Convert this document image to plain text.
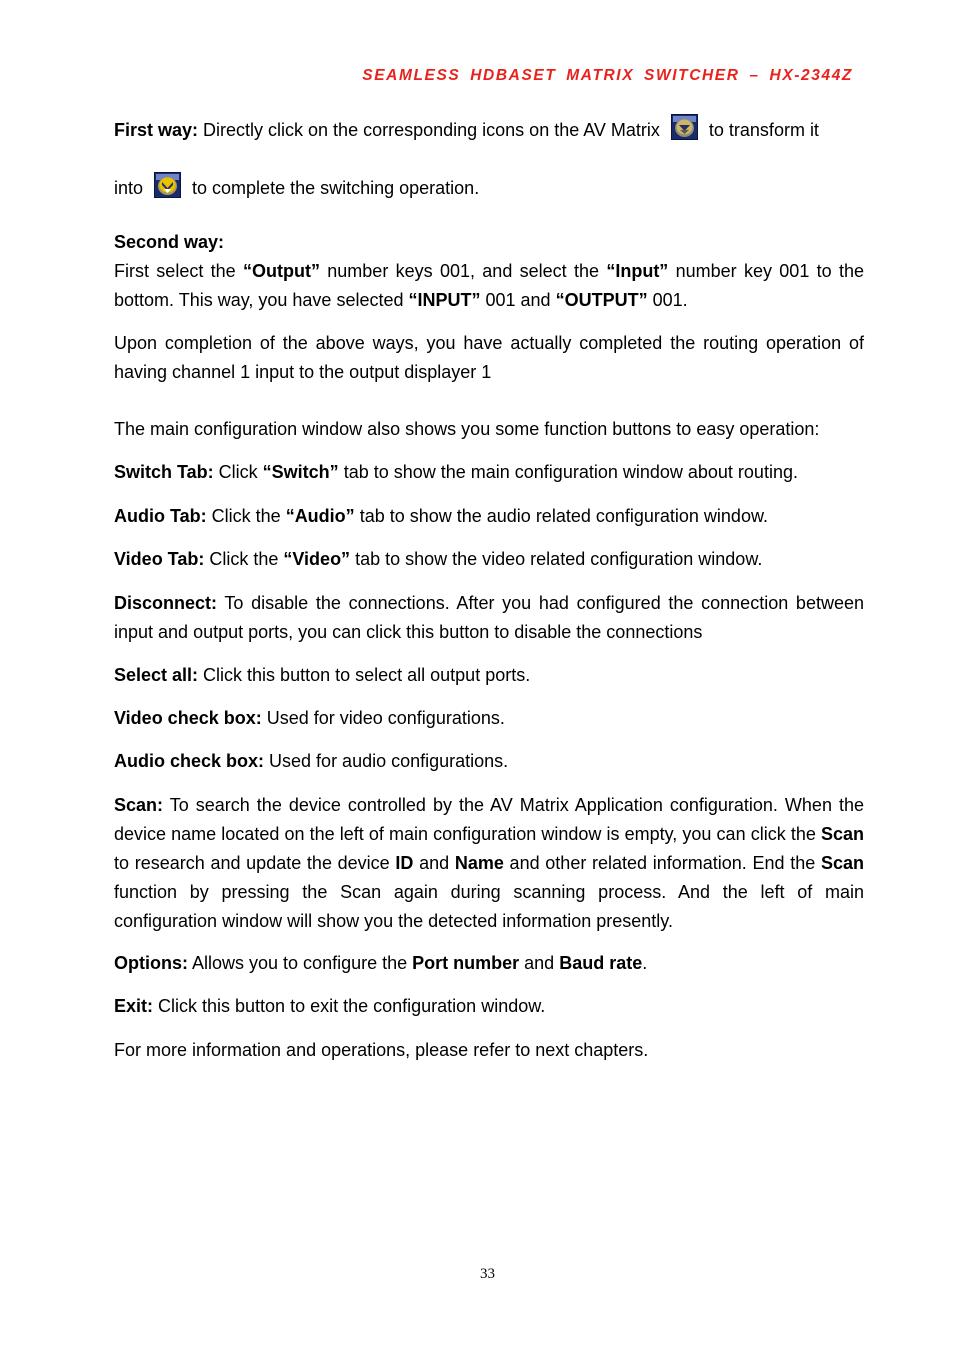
SEAMLESS HDBASET MATRIX SWITCHER – HX-2344Z

First way: Directly click on the corresponding icons on the AV Matrix
to transform it

into
to complete the switching operation.

Second way:

First select the “Output” number keys 001, and select the “Input” number key 001 to the bottom. This way, you have selected “INPUT” 001 and “OUTPUT” 001.

Upon completion of the above ways, you have actually completed the routing operation of having channel 1 input to the output displayer 1

The main configuration window also shows you some function buttons to easy operation:

Switch Tab: Click “Switch” tab to show the main configuration window about routing.

Audio Tab: Click the “Audio” tab to show the audio related configuration window.

Video Tab: Click the “Video” tab to show the video related configuration window.

Disconnect: To disable the connections. After you had configured the connection between input and output ports, you can click this button to disable the connections

Select all: Click this button to select all output ports.

Video check box: Used for video configurations.

Audio check box: Used for audio configurations.

Scan: To search the device controlled by the AV Matrix Application configuration. When the device name located on the left of main configuration window is empty, you can click the Scan to research and update the device ID and Name and other related information. End the Scan function by pressing the Scan again during scanning process. And the left of main configuration window will show you the detected information presently.

Options: Allows you to configure the Port number and Baud rate.

Exit: Click this button to exit the configuration window.

For more information and operations, please refer to next chapters.

33
